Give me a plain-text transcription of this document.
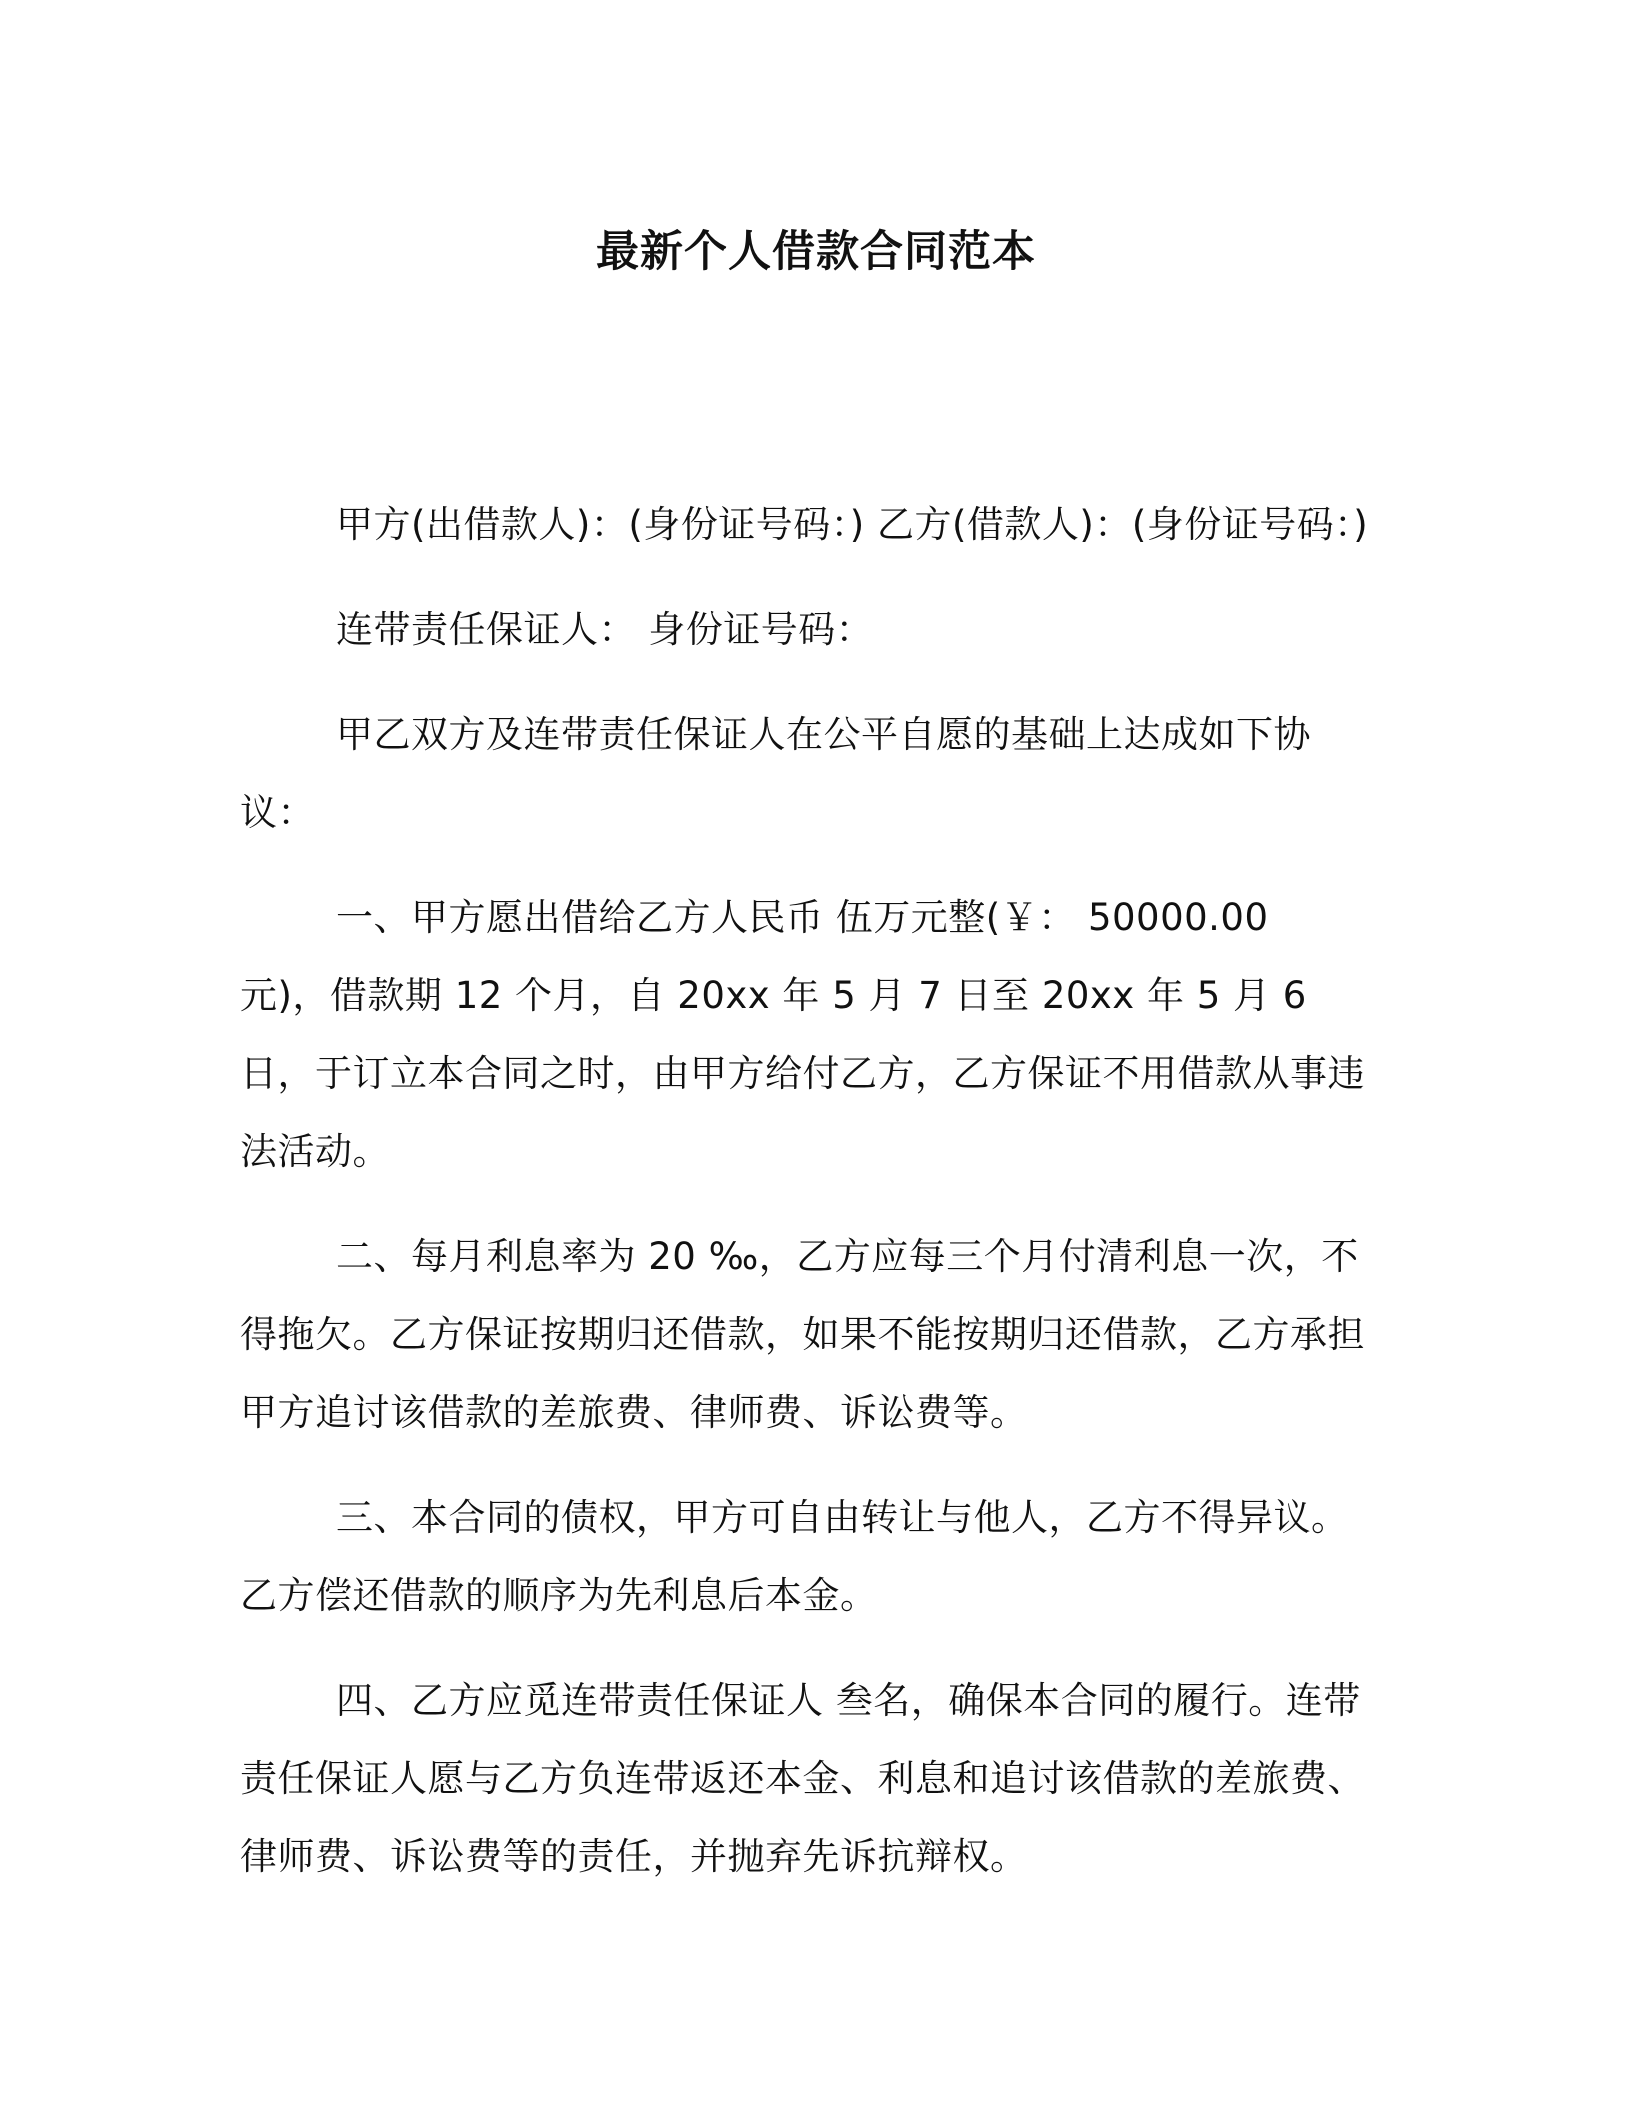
最新个人借款合同范本

甲方(出借款人)：(身份证号码：) 乙方(借款人)：(身份证号码：)

连带责任保证人： 身份证号码：

甲乙双方及连带责任保证人在公平自愿的基础上达成如下协议：

一、甲方愿出借给乙方人民币 伍万元整(￥： 50000.00 元)，借款期 12 个月，自 20xx 年 5 月 7 日至 20xx 年 5 月 6 日，于订立本合同之时，由甲方给付乙方，乙方保证不用借款从事违法活动。

二、每月利息率为 20 ‰，乙方应每三个月付清利息一次，不得拖欠。乙方保证按期归还借款，如果不能按期归还借款，乙方承担甲方追讨该借款的差旅费、律师费、诉讼费等。

三、本合同的债权，甲方可自由转让与他人，乙方不得异议。乙方偿还借款的顺序为先利息后本金。

四、乙方应觅连带责任保证人 叁名，确保本合同的履行。连带责任保证人愿与乙方负连带返还本金、利息和追讨该借款的差旅费、律师费、诉讼费等的责任，并抛弃先诉抗辩权。
